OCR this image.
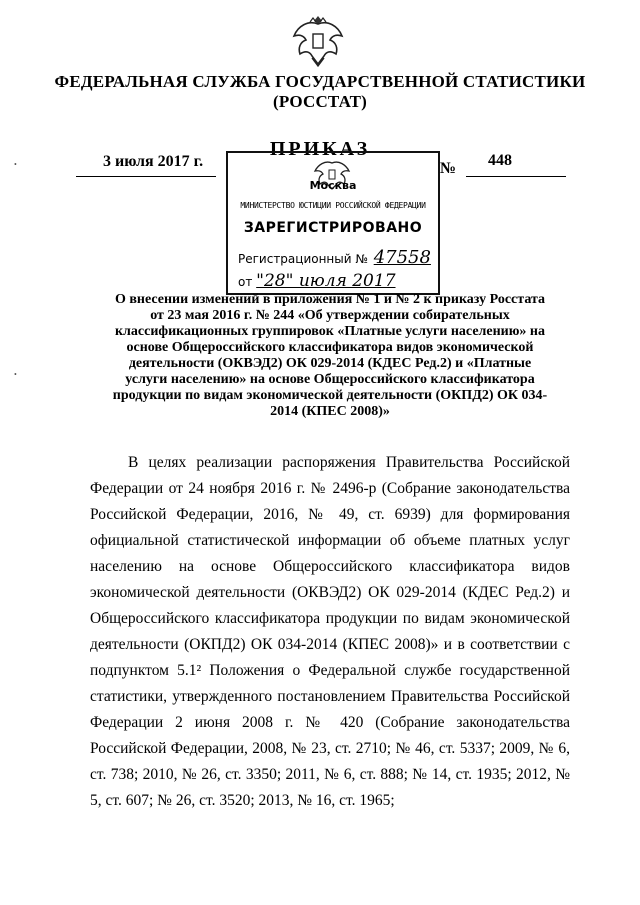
ФЕДЕРАЛЬНАЯ СЛУЖБА ГОСУДАРСТВЕННОЙ СТАТИСТИКИ
(РОССТАТ)
ПРИКАЗ
3 июля 2017 г.	№ 448
Москва
МИНИСТЕРСТВО ЮСТИЦИИ РОССИЙСКОЙ ФЕДЕРАЦИИ
ЗАРЕГИСТРИРОВАНО
Регистрационный № 47558
от "28" июля 2017
О внесении изменений в приложения № 1 и № 2 к приказу Росстата от 23 мая 2016 г. № 244 «Об утверждении собирательных классификационных группировок «Платные услуги населению» на основе Общероссийского классификатора видов экономической деятельности (ОКВЭД2) ОК 029-2014 (КДЕС Ред.2) и «Платные услуги населению» на основе Общероссийского классификатора продукции по видам экономической деятельности (ОКПД2) ОК 034-2014 (КПЕС 2008)»
В целях реализации распоряжения Правительства Российской Федерации от 24 ноября 2016 г. № 2496-р (Собрание законодательства Российской Федерации, 2016, № 49, ст. 6939) для формирования официальной статистической информации об объеме платных услуг населению на основе Общероссийского классификатора видов экономической деятельности (ОКВЭД2) ОК 029-2014 (КДЕС Ред.2) и Общероссийского классификатора продукции по видам экономической деятельности (ОКПД2) ОК 034-2014 (КПЕС 2008)» и в соответствии с подпунктом 5.1² Положения о Федеральной службе государственной статистики, утвержденного постановлением Правительства Российской Федерации 2 июня 2008 г. № 420 (Собрание законодательства Российской Федерации, 2008, № 23, ст. 2710; № 46, ст. 5337; 2009, № 6, ст. 738; 2010, № 26, ст. 3350; 2011, № 6, ст. 888; № 14, ст. 1935; 2012, № 5, ст. 607; № 26, ст. 3520; 2013, № 16, ст. 1965;
•
•
